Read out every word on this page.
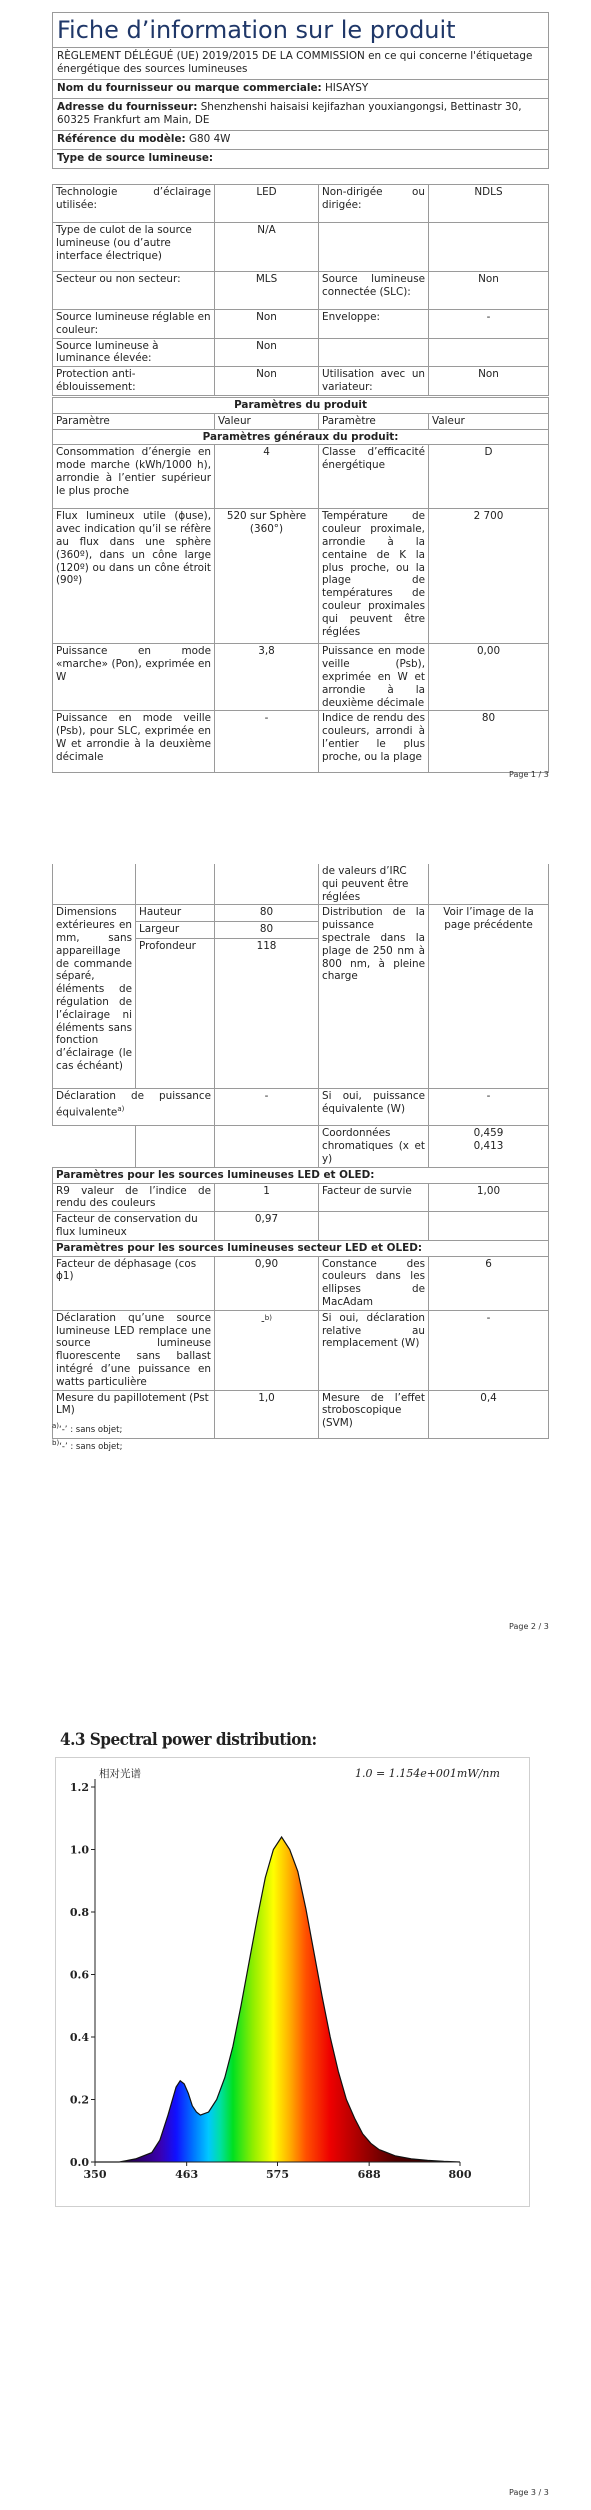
Fiche d’information sur le produit
RÈGLEMENT DÉLÉGUÉ (UE) 2019/2015 DE LA COMMISSION en ce qui concerne l'étiquetage énergétique des sources lumineuses
Nom du fournisseur ou marque commerciale: HISAYSY
Adresse du fournisseur: Shenzhenshi haisaisi kejifazhan youxiangongsi, Bettinastr 30, 60325 Frankfurt am Main, DE
Référence du modèle: G80 4W
Type de source lumineuse:
Technologie d’éclairage utilisée:	LED	Non-dirigée ou dirigée:	NDLS
Type de culot de la source lumineuse (ou d’autre interface électrique)	N/A		
Secteur ou non secteur:	MLS	Source lumineuse connectée (SLC):	Non
Source lumineuse réglable en couleur:	Non	Enveloppe:	-
Source lumineuse à luminance élevée:	Non		
Protection anti-éblouissement:	Non	Utilisation avec un variateur:	Non
Paramètres du produit			
Paramètre	Valeur	Paramètre	Valeur
Paramètres généraux du produit:			
Consommation d’énergie en mode marche (kWh/1000 h), arrondie à l’entier supérieur le plus proche	4	Classe d’efficacité énergétique	D
Flux lumineux utile (ɸuse), avec indication qu’il se réfère au flux dans une sphère (360º), dans un cône large (120º) ou dans un cône étroit (90º)	520 sur Sphère (360°)	Température de couleur proximale, arrondie à la centaine de K la plus proche, ou la plage de températures de couleur proximales qui peuvent être réglées	2 700
Puissance en mode «marche» (Pon), exprimée en W	3,8	Puissance en mode veille (Psb), exprimée en W et arrondie à la deuxième décimale	0,00
Puissance en mode veille (Psb), pour SLC, exprimée en W et arrondie à la deuxième décimale	-	Indice de rendu des couleurs, arrondi à l’entier le plus proche, ou la plage	80
Page 1 / 3
			de valeurs d’IRC qui peuvent être réglées	
Dimensions extérieures en mm, sans appareillage de commande séparé, éléments de régulation de l’éclairage ni éléments sans fonction d’éclairage (le cas échéant)	Hauteur	80	Distribution de la puissance spectrale dans la plage de 250 nm à 800 nm, à pleine charge	Voir l’image de la page précédente
	Largeur	80		
	Profondeur	118		
Déclaration de puissance équivalente$^{a)}$		-	Si oui, puissance équivalente (W)	-
			Coordonnées chromatiques (x et y)	0,459
0,413

Paramètres pour les sources lumineuses LED et OLED:				
R9 valeur de l’indice de rendu des couleurs		1	Facteur de survie	1,00
Facteur de conservation du flux lumineux		0,97		
Paramètres pour les sources lumineuses secteur LED et OLED:				
Facteur de déphasage (cos ϕ1)		0,90	Constance des couleurs dans les ellipses de MacAdam	6
Déclaration qu’une source lumineuse LED remplace une source lumineuse fluorescente sans ballast intégré d’une puissance en watts particulière		-$^{b)}$	Si oui, déclaration relative au remplacement (W)	-
Mesure du papillotement (Pst LM)		1,0	Mesure de l’effet stroboscopique (SVM)	0,4
$^{a)}$‘-’ : sans objet;
$^{b)}$‘-’ : sans objet;
Page 2 / 3
4.3 Spectral power distribution:
0.0
0.2
0.4
0.6
0.8
1.0
1.2
350	463	575	688	800
相对光谱	1.0 = 1.154e+001mW/nm
Page 3 / 3
